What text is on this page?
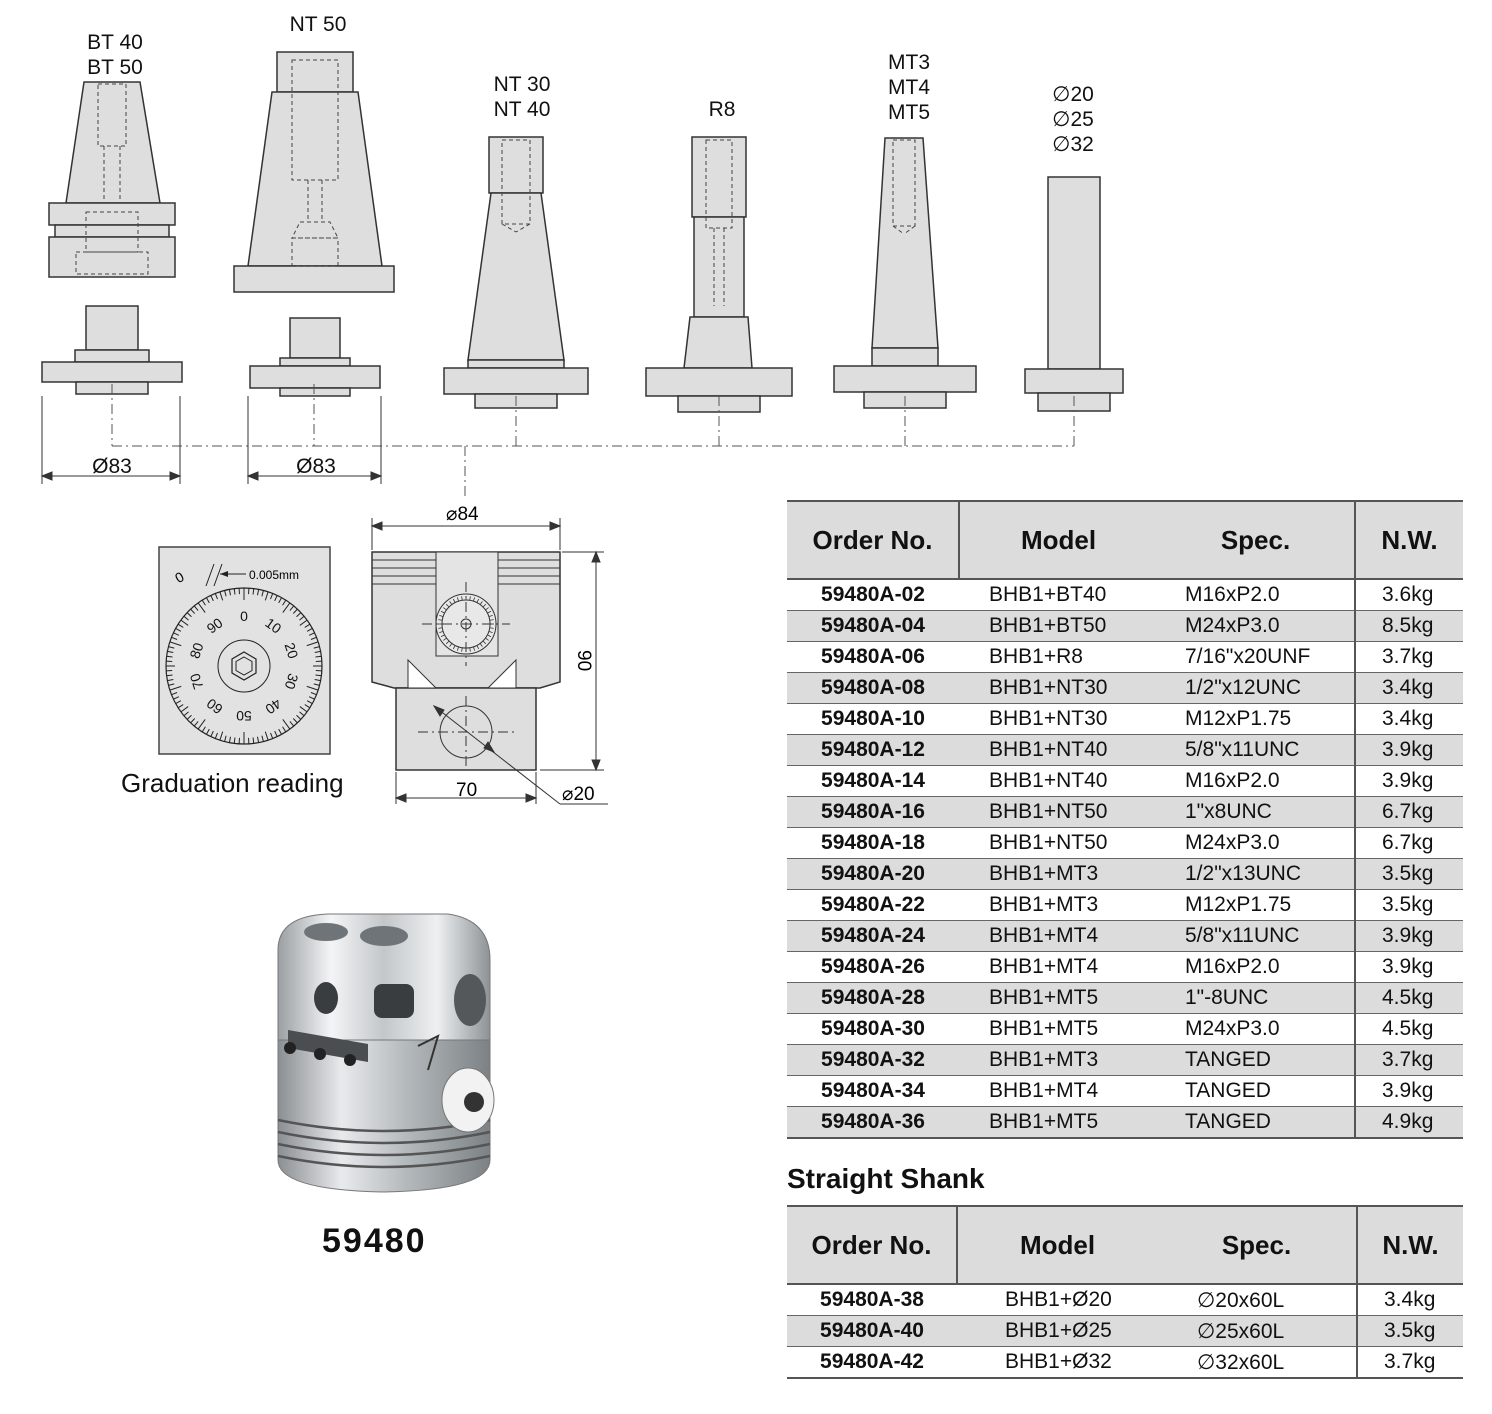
BT 40
BT 50
NT 50
NT 30
NT 40	R8
MT3
MT4
MT5
∅20
∅25
∅32
Ø83	Ø83
0	0.005mm
0 10
20
30
40
50
60
70
80
90
Graduation reading
⌀84
90
70	⌀20
59480
Order No.	Model	Spec.	N.W.
59480A-02	BHB1+BT40	M16xP2.0	3.6kg
59480A-04	BHB1+BT50	M24xP3.0	8.5kg
59480A-06	BHB1+R8	7/16"x20UNF	3.7kg
59480A-08	BHB1+NT30	1/2"x12UNC	3.4kg
59480A-10	BHB1+NT30	M12xP1.75	3.4kg
59480A-12	BHB1+NT40	5/8"x11UNC	3.9kg
59480A-14	BHB1+NT40	M16xP2.0	3.9kg
59480A-16	BHB1+NT50	1"x8UNC	6.7kg
59480A-18	BHB1+NT50	M24xP3.0	6.7kg
59480A-20	BHB1+MT3	1/2"x13UNC	3.5kg
59480A-22	BHB1+MT3	M12xP1.75	3.5kg
59480A-24	BHB1+MT4	5/8"x11UNC	3.9kg
59480A-26	BHB1+MT4	M16xP2.0	3.9kg
59480A-28	BHB1+MT5	1"-8UNC	4.5kg
59480A-30	BHB1+MT5	M24xP3.0	4.5kg
59480A-32	BHB1+MT3	TANGED	3.7kg
59480A-34	BHB1+MT4	TANGED	3.9kg
59480A-36	BHB1+MT5	TANGED	4.9kg
Straight Shank
Order No.	Model	Spec.	N.W.
59480A-38	BHB1+Ø20	∅20x60L	3.4kg
59480A-40	BHB1+Ø25	∅25x60L	3.5kg
59480A-42	BHB1+Ø32	∅32x60L	3.7kg
